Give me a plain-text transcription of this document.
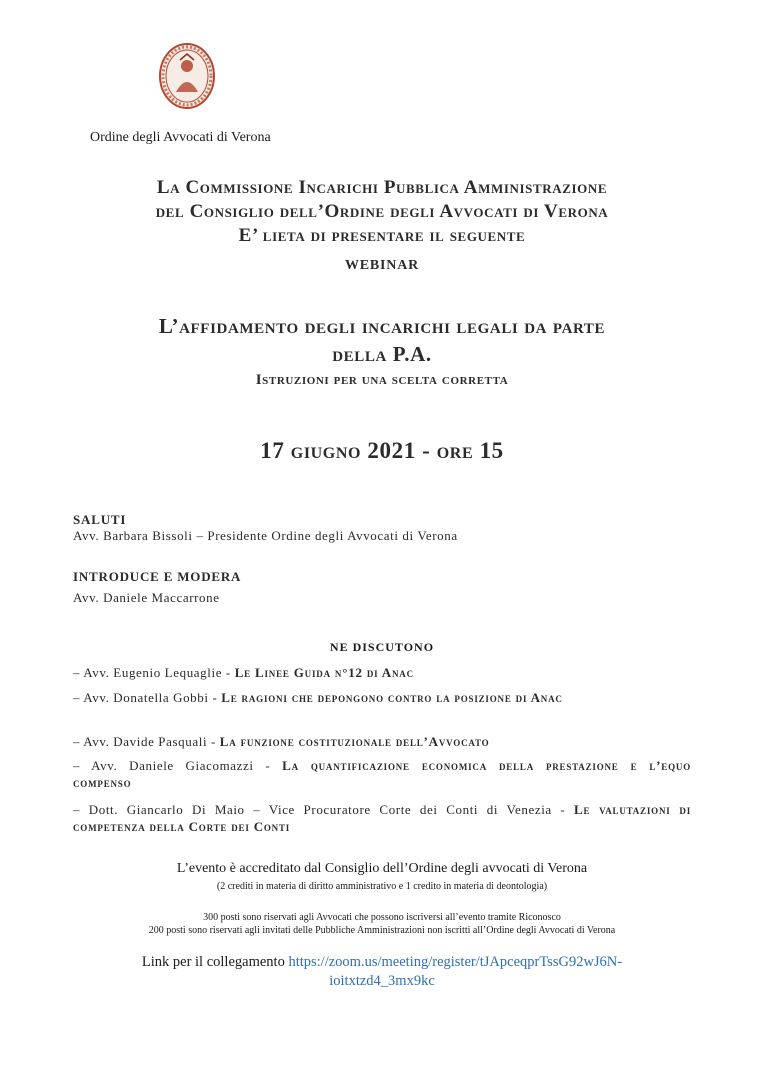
Ordine degli Avvocati di Verona
La Commissione Incarichi Pubblica Amministrazione
del Consiglio dell’Ordine degli Avvocati di Verona
E’ lieta di presentare il seguente
WEBINAR
L’affidamento degli incarichi legali da parte
della P.A.
Istruzioni per una scelta corretta
17 giugno 2021 - ore 15
SALUTI
Avv. Barbara Bissoli – Presidente Ordine degli Avvocati di Verona
INTRODUCE E MODERA
Avv. Daniele Maccarrone
NE DISCUTONO
– Avv. Eugenio Lequaglie - Le Linee Guida n°12 di Anac
– Avv. Donatella Gobbi - Le ragioni che depongono contro la posizione di Anac
– Avv. Davide Pasquali - La funzione costituzionale dell’Avvocato
– Avv. Daniele Giacomazzi - La quantificazione economica della prestazione e l’equo compenso
– Dott. Giancarlo Di Maio – Vice Procuratore Corte dei Conti di Venezia - Le valutazioni di competenza della Corte dei Conti
L’evento è accreditato dal Consiglio dell’Ordine degli avvocati di Verona
(2 crediti in materia di diritto amministrativo e 1 credito in materia di deontologia)
300 posti sono riservati agli Avvocati che possono iscriversi all’evento tramite Riconosco
200 posti sono riservati agli invitati delle Pubbliche Amministrazioni non iscritti all’Ordine degli Avvocati di Verona
Link per il collegamento https://zoom.us/meeting/register/tJApceqprTssG92wJ6N-
ioitxtzd4_3mx9kc
